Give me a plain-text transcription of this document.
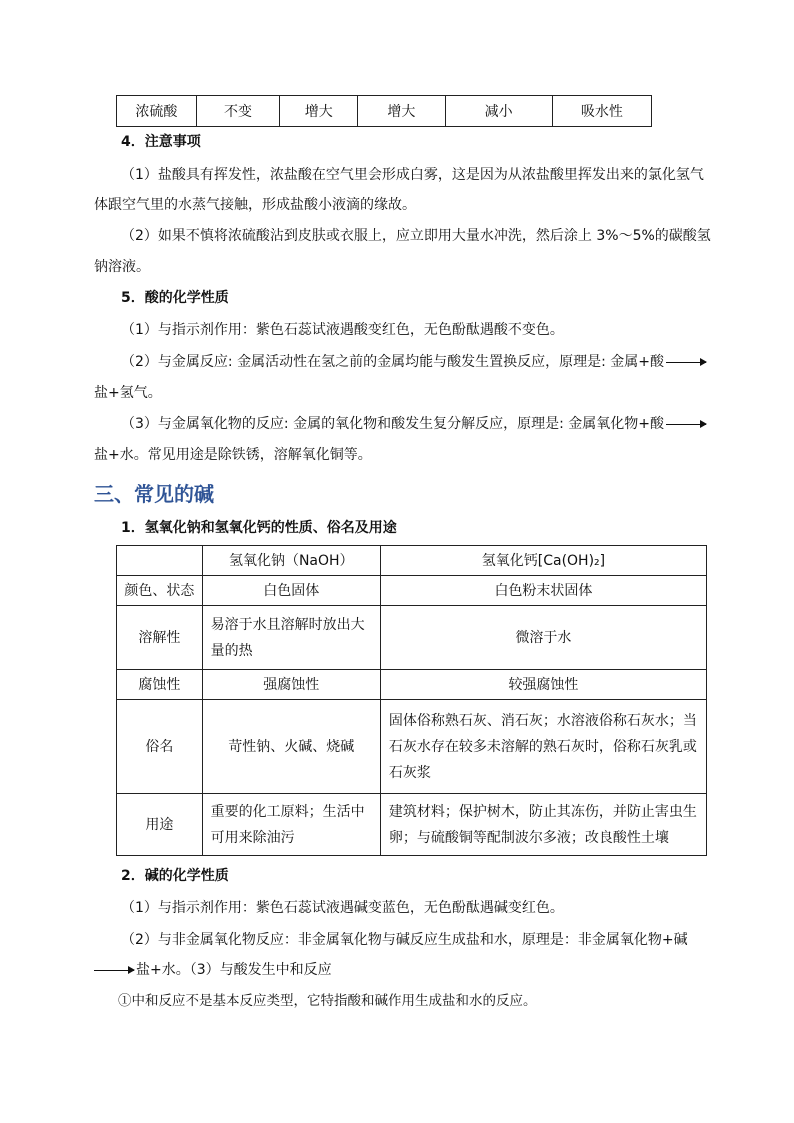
浓硫酸	不变	增大	增大	减小	吸水性
4．注意事项
（1）盐酸具有挥发性，浓盐酸在空气里会形成白雾，这是因为从浓盐酸里挥发出来的氯化氢气
体跟空气里的水蒸气接触，形成盐酸小液滴的缘故。
（2）如果不慎将浓硫酸沾到皮肤或衣服上，应立即用大量水冲洗，然后涂上 3%～5%的碳酸氢
钠溶液。
5．酸的化学性质
（1）与指示剂作用：紫色石蕊试液遇酸变红色，无色酚酞遇酸不变色。
（2）与金属反应: 金属活动性在氢之前的金属均能与酸发生置换反应，原理是: 金属+酸 →
盐+氢气。
（3）与金属氧化物的反应: 金属的氧化物和酸发生复分解反应，原理是: 金属氧化物+酸 →
盐+水。常见用途是除铁锈，溶解氧化铜等。
三、常见的碱
1．氢氧化钠和氢氧化钙的性质、俗名及用途
	氢氧化钠（NaOH）	氢氧化钙[Ca(OH)₂]
颜色、状态	白色固体	白色粉末状固体
溶解性	易溶于水且溶解时放出大量的热	微溶于水
腐蚀性	强腐蚀性	较强腐蚀性
俗名	苛性钠、火碱、烧碱	固体俗称熟石灰、消石灰；水溶液俗称石灰水；当石灰水存在较多未溶解的熟石灰时，俗称石灰乳或石灰浆
用途	重要的化工原料；生活中可用来除油污	建筑材料；保护树木，防止其冻伤，并防止害虫生卵；与硫酸铜等配制波尔多液；改良酸性土壤
2．碱的化学性质
（1）与指示剂作用：紫色石蕊试液遇碱变蓝色，无色酚酞遇碱变红色。
（2）与非金属氧化物反应：非金属氧化物与碱反应生成盐和水，原理是：非金属氧化物+碱
→ 盐+水。（3）与酸发生中和反应
①中和反应不是基本反应类型，它特指酸和碱作用生成盐和水的反应。
